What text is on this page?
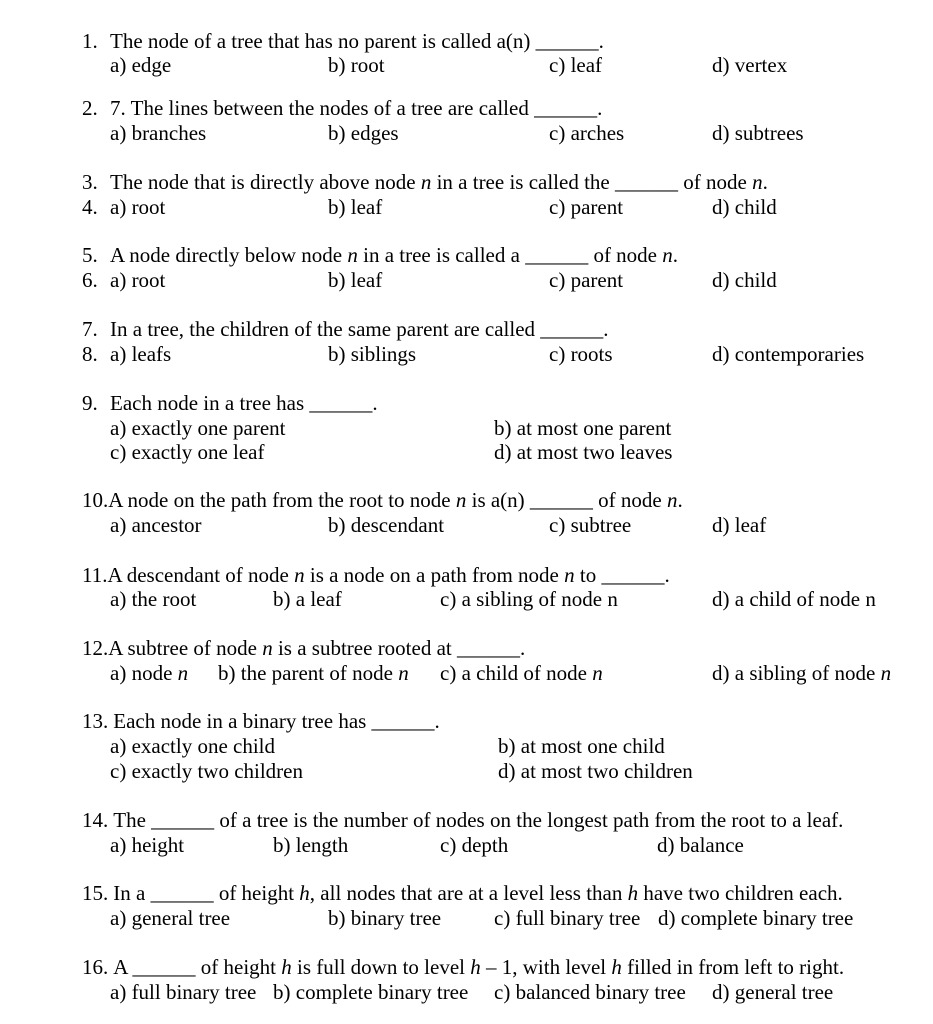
1. The node of a tree that has no parent is called a(n) ______.
a) edge	b) root	c) leaf	d) vertex
2. 7. The lines between the nodes of a tree are called ______.
a) branches	b) edges	c) arches	d) subtrees
3. The node that is directly above node n in a tree is called the ______ of node n.
4. a) root	b) leaf	c) parent	d) child
5. A node directly below node n in a tree is called a ______ of node n.
6. a) root	b) leaf	c) parent	d) child
7. In a tree, the children of the same parent are called ______.
8. a) leafs	b) siblings	c) roots	d) contemporaries
9. Each node in a tree has ______.
a) exactly one parent	b) at most one parent
c) exactly one leaf	d) at most two leaves
10.A node on the path from the root to node n is a(n) ______ of node n.
a) ancestor	b) descendant	c) subtree	d) leaf
11.A descendant of node n is a node on a path from node n to ______.
a) the root	b) a leaf	c) a sibling of node n	d) a child of node n
12.A subtree of node n is a subtree rooted at ______.
a) node n b) the parent of node n c) a child of node n	d) a sibling of node n
13. Each node in a binary tree has ______.
a) exactly one child	b) at most one child
c) exactly two children	d) at most two children
14. The ______ of a tree is the number of nodes on the longest path from the root to a leaf.
a) height	b) length	c) depth	d) balance
15. In a ______ of height h, all nodes that are at a level less than h have two children each.
a) general tree	b) binary tree	c) full binary tree d) complete binary tree
16. A ______ of height h is full down to level h – 1, with level h filled in from left to right.
a) full binary tree b) complete binary tree c) balanced binary tree d) general tree
